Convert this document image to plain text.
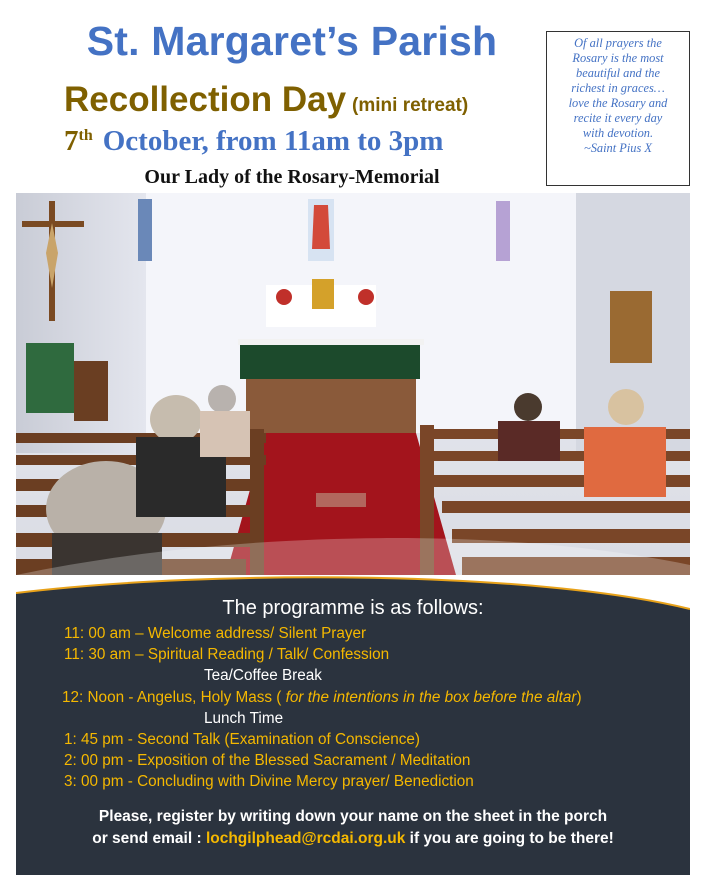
St. Margaret’s Parish
Recollection Day (mini retreat)
7th October, from 11am to 3pm
Our Lady of the Rosary-Memorial
Of all prayers the
Rosary is the most
beautiful and the
richest in graces…
love the Rosary and
recite it every day
with devotion.
~Saint Pius X
The programme is as follows:
11: 00 am – Welcome address/ Silent Prayer
11: 30 am – Spiritual Reading / Talk/ Confession
Tea/Coffee Break
12: Noon - Angelus, Holy Mass ( for the intentions in the box before the altar)
Lunch Time
1: 45 pm - Second Talk (Examination of Conscience)
2: 00 pm - Exposition of the Blessed Sacrament / Meditation
3: 00 pm - Concluding with Divine Mercy prayer/ Benediction
Please, register by writing down your name on the sheet in the porch
or send email : lochgilphead@rcdai.org.uk if you are going to be there!
